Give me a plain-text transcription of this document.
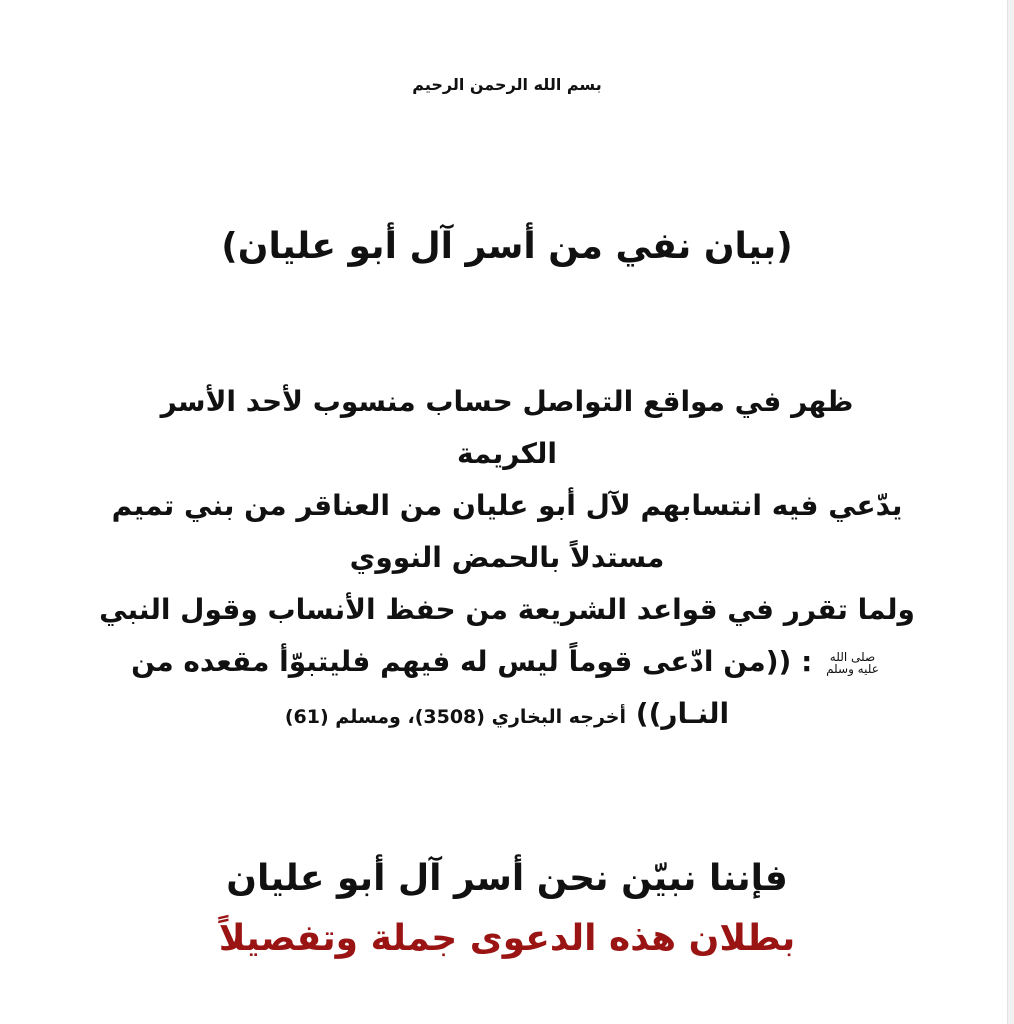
بسم الله الرحمن الرحيم
(بيان نفي من أسر آل أبو عليان)
ظهر في مواقع التواصل حساب منسوب لأحد الأسر
الكريمة
يدّعي فيه انتسابهم لآل أبو عليان من العناقر من بني تميم
مستدلاً بالحمض النووي
ولما تقرر في قواعد الشريعة من حفظ الأنساب وقول النبي
صلى الله
عليه وسلم
: ((من ادّعى قوماً ليس له فيهم فليتبوّأ مقعده من
النـار)) أخرجه البخاري (3508)، ومسلم (61)
فإننا نبيّن نحن أسر آل أبو عليان
بطلان هذه الدعوى جملة وتفصيلاً
